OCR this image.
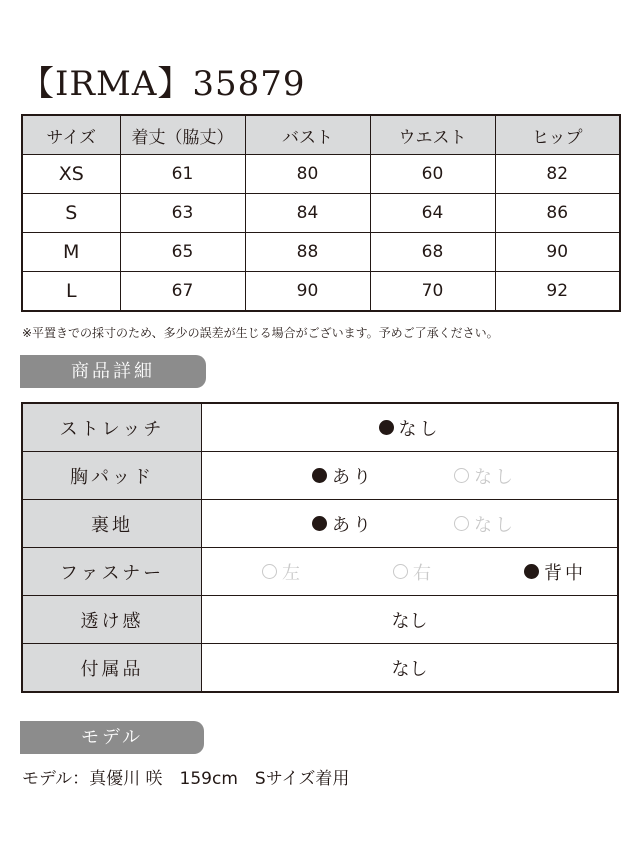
【IRMA】35879
サイズ	着丈（脇丈）	バスト	ウエスト	ヒップ
XS	61	80	60	82
S	63	84	64	86
M	65	88	68	90
L	67	90	70	92
※平置きでの採寸のため、多少の誤差が生じる場合がございます。予めご了承ください。
商品詳細
ストレッチ	なし

胸パッド	あり なし

裏地	あり なし

ファスナー	左 右 背中

透け感	なし
付属品	なし
モデル
モデル：真優川 咲　159cm　Sサイズ着用
